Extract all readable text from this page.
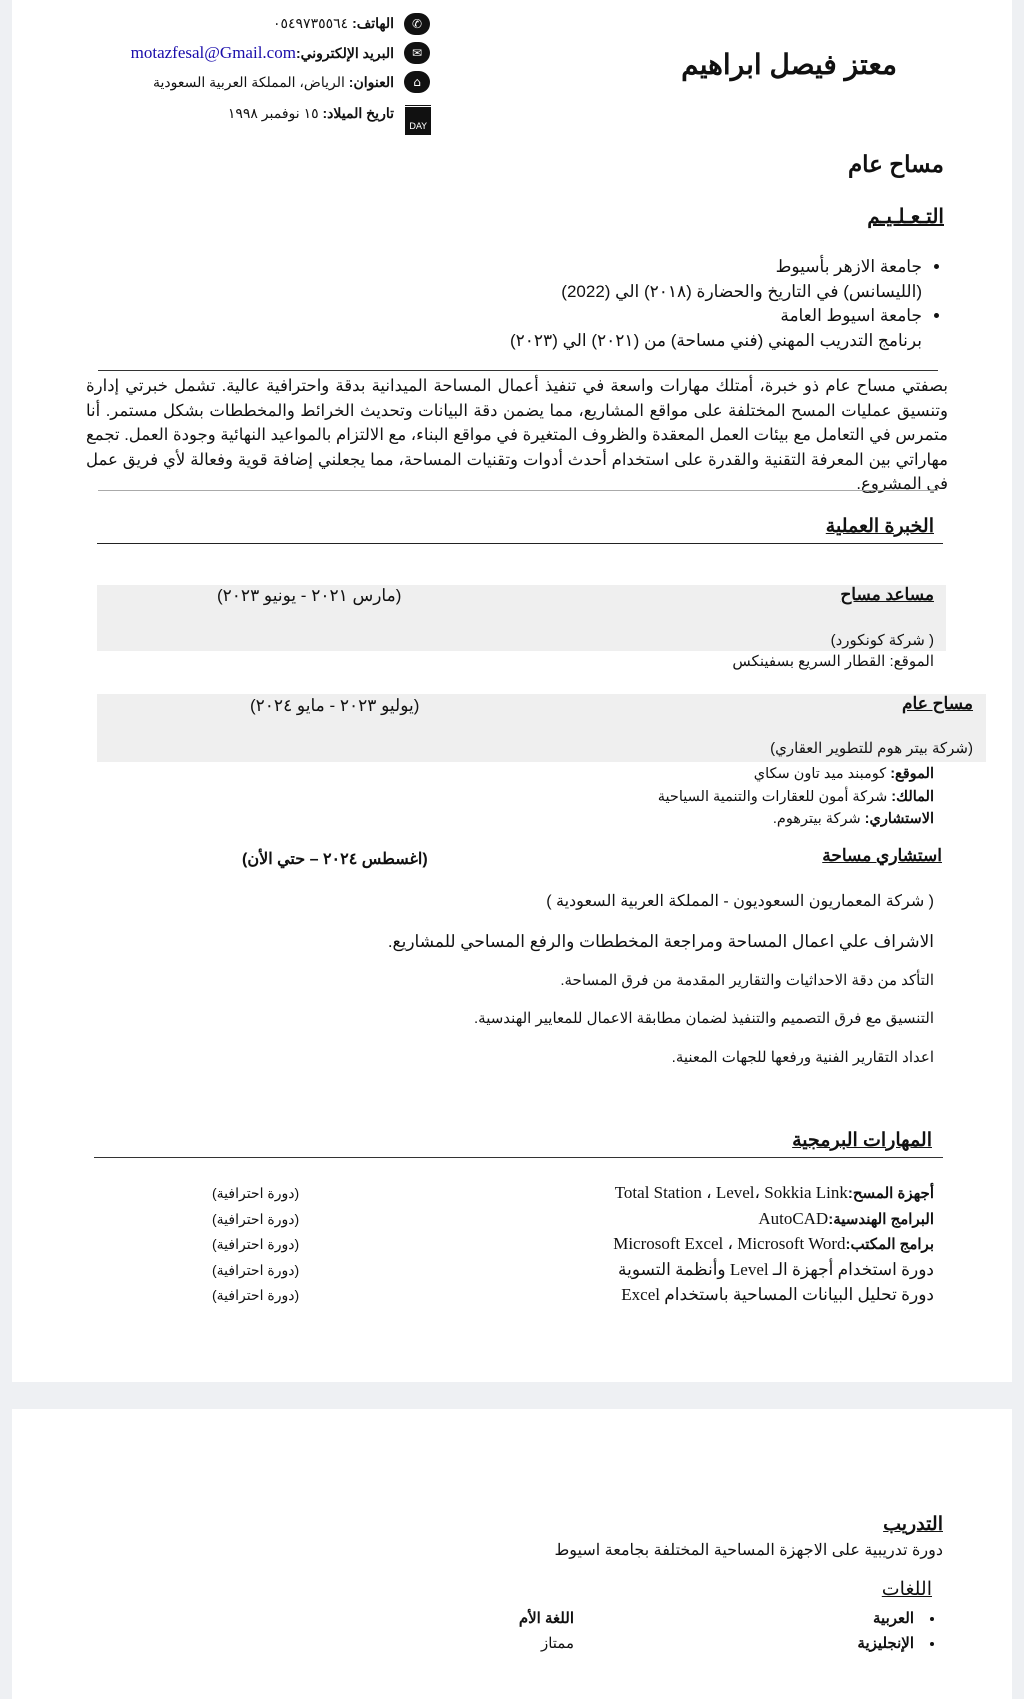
✆
الهاتف: ٠٥٤٩٧٣٥٥٦٤
✉
البريد الإلكتروني:motazfesal@Gmail.com
⌂
العنوان: الرياض، المملكة العربية السعودية
DAY
تاريخ الميلاد: ١٥ نوفمبر ١٩٩٨
معتز فيصل ابراهيم
مساح عام
التـعـلـيـم
• جامعة الازهر بأسيوط
(الليسانس) في التاريخ والحضارة (٢٠١٨) الي (2022)
• جامعة اسيوط العامة
برنامج التدريب المهني (فني مساحة) من (٢٠٢١) الي (٢٠٢٣)
بصفتي مساح عام ذو خبرة، أمتلك مهارات واسعة في تنفيذ أعمال المساحة الميدانية بدقة واحترافية عالية. تشمل خبرتي إدارة وتنسيق عمليات المسح المختلفة على مواقع المشاريع، مما يضمن دقة البيانات وتحديث الخرائط والمخططات بشكل مستمر. أنا متمرس في التعامل مع بيئات العمل المعقدة والظروف المتغيرة في مواقع البناء، مع الالتزام بالمواعيد النهائية وجودة العمل. تجمع مهاراتي بين المعرفة التقنية والقدرة على استخدام أحدث أدوات وتقنيات المساحة، مما يجعلني إضافة قوية وفعالة لأي فريق عمل في المشروع.
الخبرة العملية
مساعد مساح
(مارس ٢٠٢١ - يونيو ٢٠٢٣)
( شركة كونكورد)
الموقع: القطار السريع بسفينكس
مساح عام
(يوليو ٢٠٢٣ - مايو ٢٠٢٤)
(شركة بيتر هوم للتطوير العقاري)
الموقع: كومبند ميد تاون سكاي
المالك: شركة أمون للعقارات والتنمية السياحية
الاستشاري: شركة بيترهوم.
استشاري مساحة
(اغسطس ٢٠٢٤ – حتي الأن)
( شركة المعماريون السعوديون - المملكة العربية السعودية )
الاشراف علي اعمال المساحة ومراجعة المخططات والرفع المساحي للمشاريع.
التأكد من دقة الاحداثيات والتقارير المقدمة من فرق المساحة.
التنسيق مع فرق التصميم والتنفيذ لضمان مطابقة الاعمال للمعايير الهندسية.
اعداد التقارير الفنية ورفعها للجهات المعنية.
المهارات البرمجية
أجهزة المسح:Total Station ، Level، Sokkia Link
(دورة احترافية)
البرامج الهندسية:AutoCAD
(دورة احترافية)
برامج المكتب:Microsoft Excel ، Microsoft Word
(دورة احترافية)
دورة استخدام أجهزة الـ Level وأنظمة التسوية
(دورة احترافية)
دورة تحليل البيانات المساحية باستخدام Excel
(دورة احترافية)
التدريب
دورة تدريبية على الاجهزة المساحية المختلفة بجامعة اسيوط
اللغات
• العربية
اللغة الأم
• الإنجليزية
ممتاز
